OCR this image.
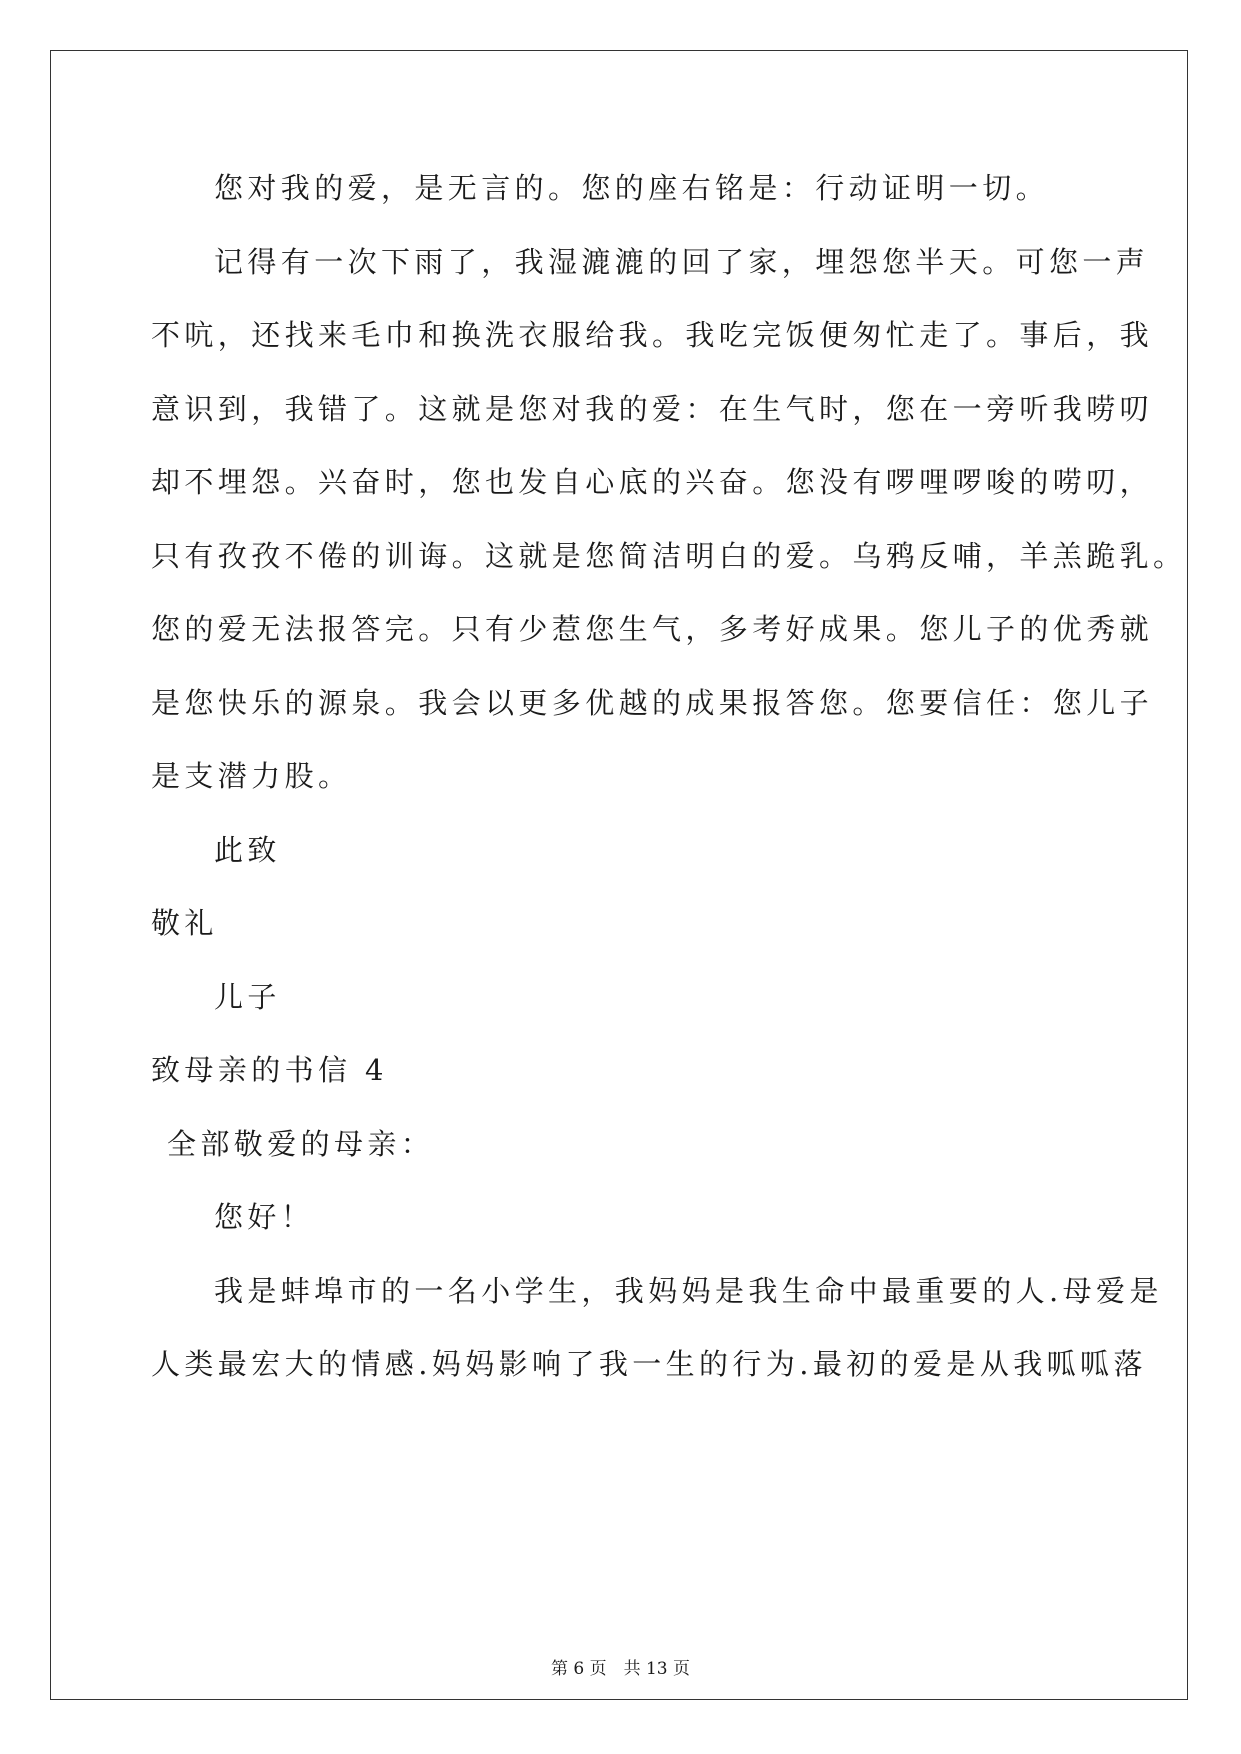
您对我的爱，是无言的。您的座右铭是：行动证明一切。
记得有一次下雨了，我湿漉漉的回了家，埋怨您半天。可您一声
不吭，还找来毛巾和换洗衣服给我。我吃完饭便匆忙走了。事后，我
意识到，我错了。这就是您对我的爱：在生气时，您在一旁听我唠叨
却不埋怨。兴奋时，您也发自心底的兴奋。您没有啰哩啰唆的唠叨，
只有孜孜不倦的训诲。这就是您简洁明白的爱。乌鸦反哺，羊羔跪乳。
您的爱无法报答完。只有少惹您生气，多考好成果。您儿子的优秀就
是您快乐的源泉。我会以更多优越的成果报答您。您要信任：您儿子
是支潜力股。
此致
敬礼
儿子
致母亲的书信 4
全部敬爱的母亲：
您好！
我是蚌埠市的一名小学生，我妈妈是我生命中最重要的人.母爱是
人类最宏大的情感.妈妈影响了我一生的行为.最初的爱是从我呱呱落
第 6 页　共 13 页
